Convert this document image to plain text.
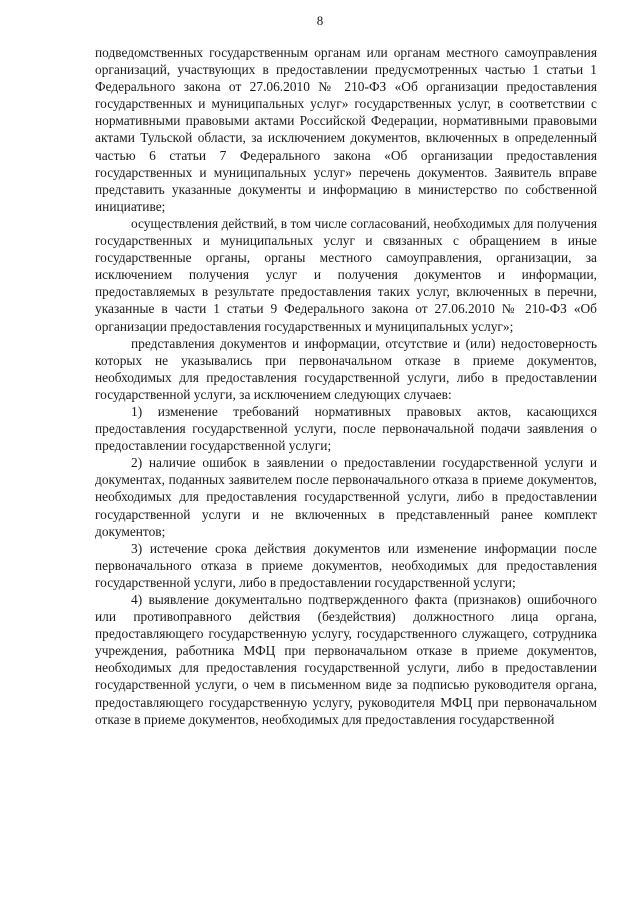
8

подведомственных государственным органам или органам местного самоуправления организаций, участвующих в предоставлении предусмотренных частью 1 статьи 1 Федерального закона от 27.06.2010 № 210-ФЗ «Об организации предоставления государственных и муниципальных услуг» государственных услуг, в соответствии с нормативными правовыми актами Российской Федерации, нормативными правовыми актами Тульской области, за исключением документов, включенных в определенный частью 6 статьи 7 Федерального закона «Об организации предоставления государственных и муниципальных услуг» перечень документов. Заявитель вправе представить указанные документы и информацию в министерство по собственной инициативе;

осуществления действий, в том числе согласований, необходимых для получения государственных и муниципальных услуг и связанных с обращением в иные государственные органы, органы местного самоуправления, организации, за исключением получения услуг и получения документов и информации, предоставляемых в результате предоставления таких услуг, включенных в перечни, указанные в части 1 статьи 9 Федерального закона от 27.06.2010 № 210-ФЗ «Об организации предоставления государственных и муниципальных услуг»;

представления документов и информации, отсутствие и (или) недостоверность которых не указывались при первоначальном отказе в приеме документов, необходимых для предоставления государственной услуги, либо в предоставлении государственной услуги, за исключением следующих случаев:

1) изменение требований нормативных правовых актов, касающихся предоставления государственной услуги, после первоначальной подачи заявления о предоставлении государственной услуги;

2) наличие ошибок в заявлении о предоставлении государственной услуги и документах, поданных заявителем после первоначального отказа в приеме документов, необходимых для предоставления государственной услуги, либо в предоставлении государственной услуги и не включенных в представленный ранее комплект документов;

3) истечение срока действия документов или изменение информации после первоначального отказа в приеме документов, необходимых для предоставления государственной услуги, либо в предоставлении государственной услуги;

4) выявление документально подтвержденного факта (признаков) ошибочного или противоправного действия (бездействия) должностного лица органа, предоставляющего государственную услугу, государственного служащего, сотрудника учреждения, работника МФЦ при первоначальном отказе в приеме документов, необходимых для предоставления государственной услуги, либо в предоставлении государственной услуги, о чем в письменном виде за подписью руководителя органа, предоставляющего государственную услугу, руководителя МФЦ при первоначальном отказе в приеме документов, необходимых для предоставления государственной
